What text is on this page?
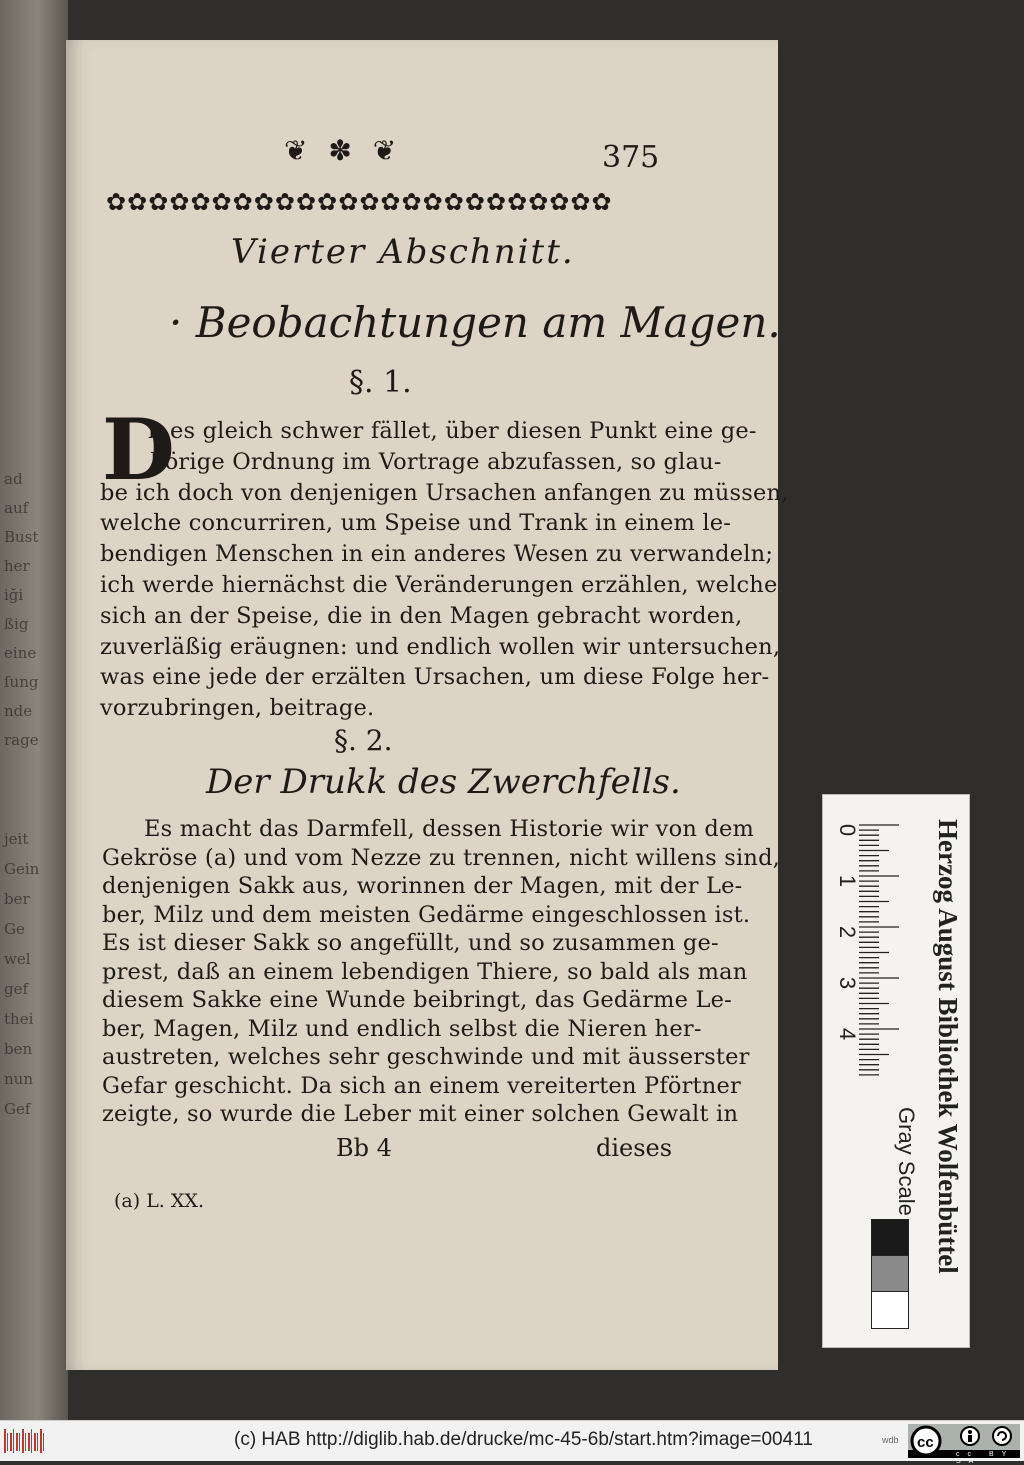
ad
auf
Bust
her
iği
ßig
eine
ſung
nde
rage
jeit
Gein
ber
Ge
wel
gef
thei
ben
nun
Gef
❦ ✽ ❦	375
✿✿✿✿✿✿✿✿✿✿✿✿✿✿✿✿✿✿✿✿✿✿✿✿
Vierter Abschnitt.
· Beobachtungen am Magen.
§. 1.
D
b es gleich schwer fället, über diesen Punkt eine ge-
hörige Ordnung im Vortrage abzufassen, so glau-
be ich doch von denjenigen Ursachen anfangen zu müssen,
welche concurriren, um Speise und Trank in einem le-
bendigen Menschen in ein anderes Wesen zu verwandeln;
ich werde hiernächst die Veränderungen erzählen, welche
sich an der Speise, die in den Magen gebracht worden,
zuverläßig eräugnen: und endlich wollen wir untersuchen,
was eine jede der erzälten Ursachen, um diese Folge her-
vorzubringen, beitrage.
§. 2.
Der Drukk des Zwerchfells.
Es macht das Darmfell, dessen Historie wir von dem
Gekröse (a) und vom Nezze zu trennen, nicht willens sind,
denjenigen Sakk aus, worinnen der Magen, mit der Le-
ber, Milz und dem meisten Gedärme eingeschlossen ist.
Es ist dieser Sakk so angefüllt, und so zusammen ge-
prest, daß an einem lebendigen Thiere, so bald als man
diesem Sakke eine Wunde beibringt, das Gedärme Le-
ber, Magen, Milz und endlich selbst die Nieren her-
austreten, welches sehr geschwinde und mit äusserster
Gefar geschicht. Da sich an einem vereiterten Pförtner
zeigte, so wurde die Leber mit einer solchen Gewalt in
Bb 4	dieses
(a) L. XX.
0
1
2
3
4	Herzog August Bibliothek Wolfenbüttel
Gray Scale
(c) HAB http://diglib.hab.de/drucke/mc-45-6b/start.htm?image=00411	wdb cc
cc BY SA
